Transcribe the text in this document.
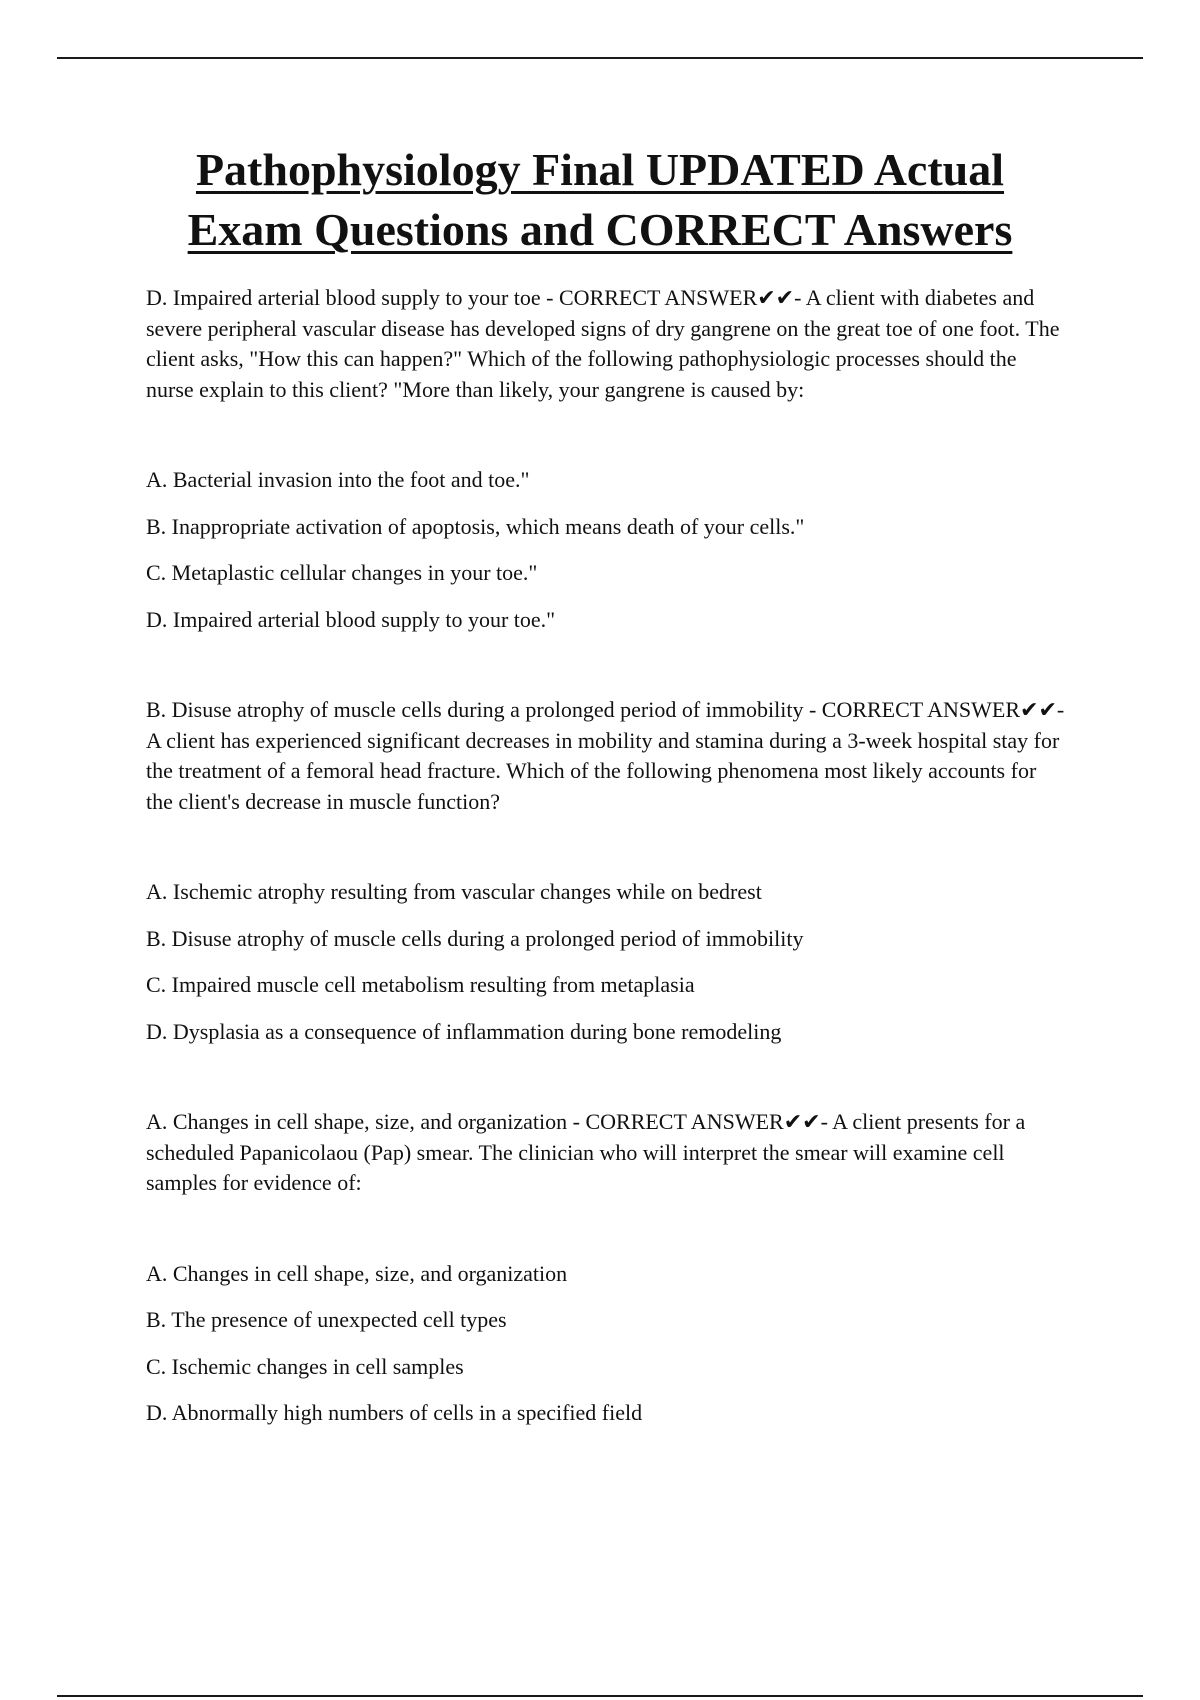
Pathophysiology Final UPDATED Actual
Exam Questions and CORRECT Answers

D. Impaired arterial blood supply to your toe - CORRECT ANSWER✔✔- A client with diabetes and severe peripheral vascular disease has developed signs of dry gangrene on the great toe of one foot. The client asks, "How this can happen?" Which of the following pathophysiologic processes should the nurse explain to this client? "More than likely, your gangrene is caused by:

A. Bacterial invasion into the foot and toe."
B. Inappropriate activation of apoptosis, which means death of your cells."
C. Metaplastic cellular changes in your toe."
D. Impaired arterial blood supply to your toe."

B. Disuse atrophy of muscle cells during a prolonged period of immobility - CORRECT ANSWER✔✔- A client has experienced significant decreases in mobility and stamina during a 3-week hospital stay for the treatment of a femoral head fracture. Which of the following phenomena most likely accounts for the client's decrease in muscle function?

A. Ischemic atrophy resulting from vascular changes while on bedrest
B. Disuse atrophy of muscle cells during a prolonged period of immobility
C. Impaired muscle cell metabolism resulting from metaplasia
D. Dysplasia as a consequence of inflammation during bone remodeling

A. Changes in cell shape, size, and organization - CORRECT ANSWER✔✔- A client presents for a scheduled Papanicolaou (Pap) smear. The clinician who will interpret the smear will examine cell samples for evidence of:

A. Changes in cell shape, size, and organization
B. The presence of unexpected cell types
C. Ischemic changes in cell samples
D. Abnormally high numbers of cells in a specified field
